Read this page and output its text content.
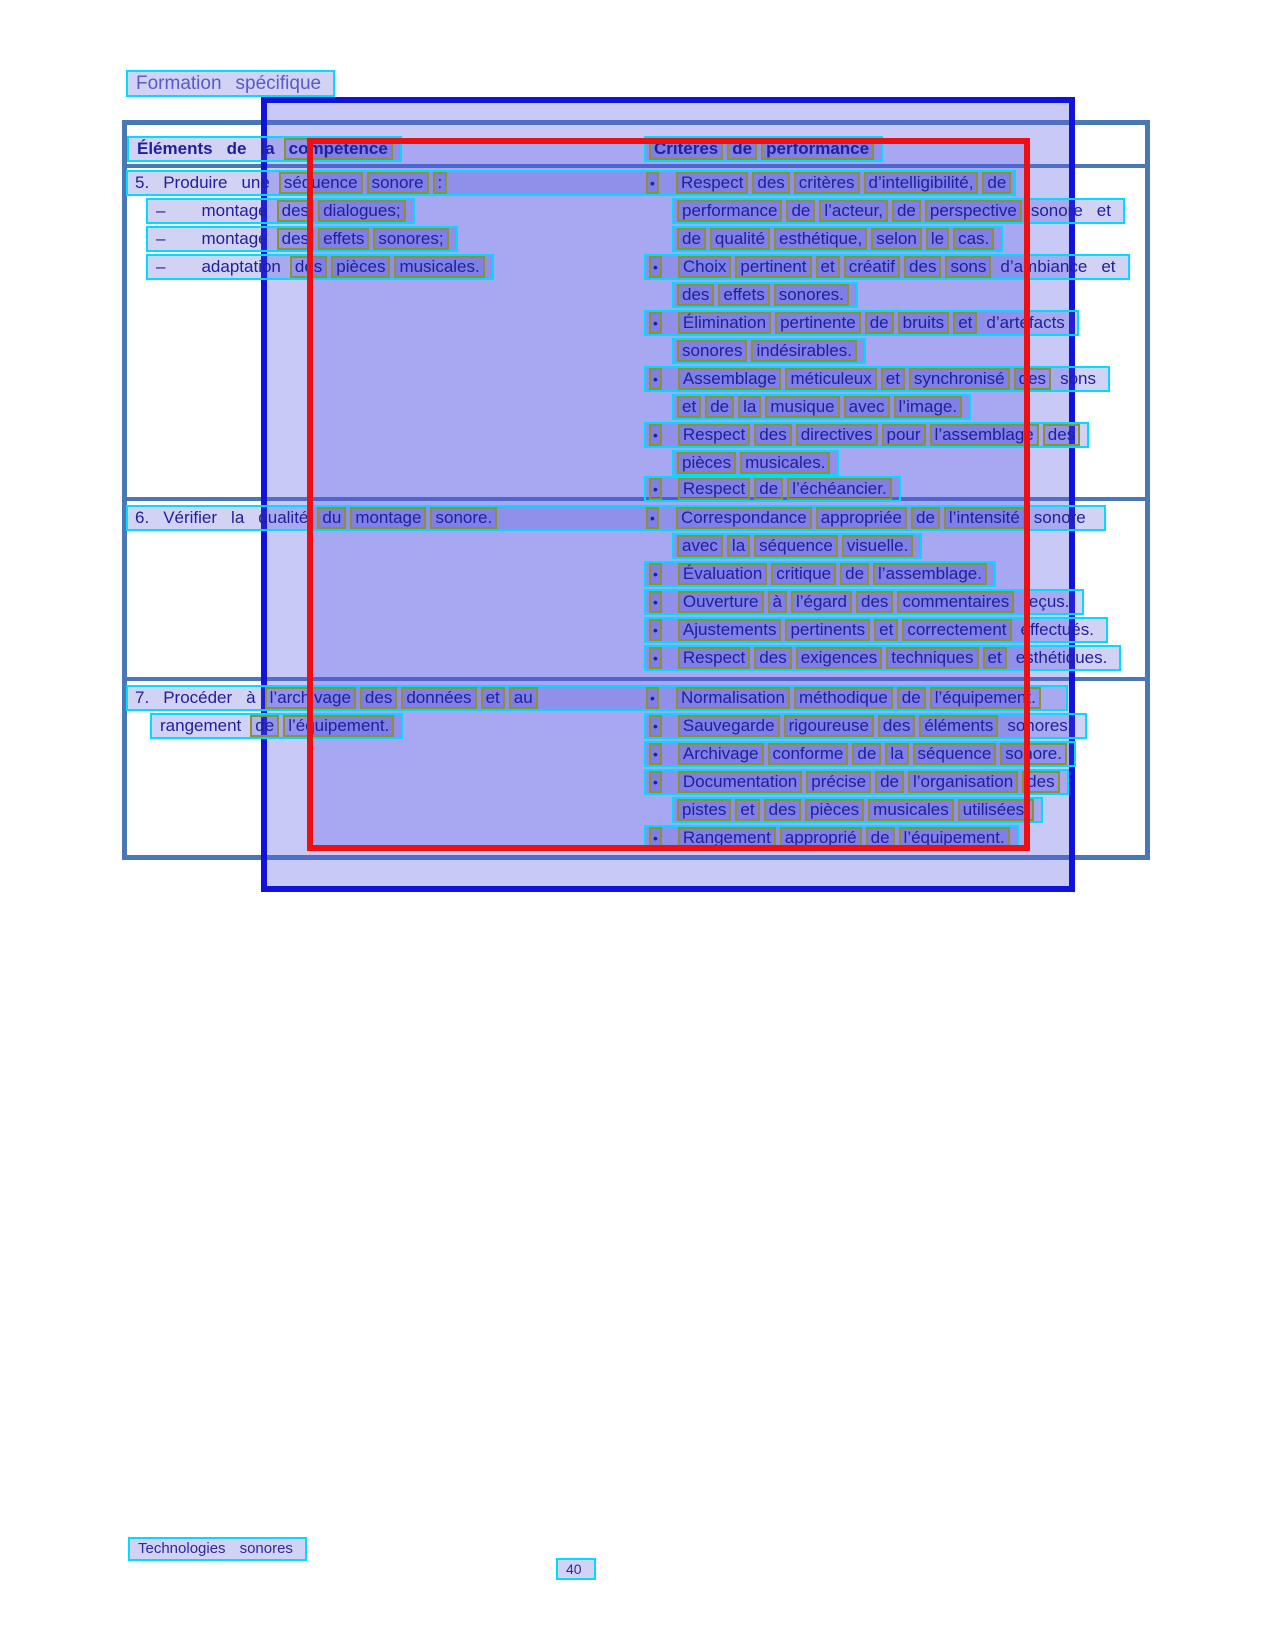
Formation spécifique
Éléments de la compétence	Critères de performance
5. Produire une séquence sonore :	• Respect des critères d’intelligibilité, de
– montage des dialogues;	performance de l’acteur, de perspective sonore et
– montage des effets sonores;	de qualité esthétique, selon le cas.
– adaptation des pièces musicales.	• Choix pertinent et créatif des sons d’ambiance et
des effets sonores.
• Élimination pertinente de bruits et d’artefacts
sonores indésirables.
• Assemblage méticuleux et synchronisé des sons
et de la musique avec l’image.
• Respect des directives pour l’assemblage des
pièces musicales.
• Respect de l’échéancier.
6. Vérifier la qualité du montage sonore.	• Correspondance appropriée de l’intensité sonore
avec la séquence visuelle.
• Évaluation critique de l’assemblage.
• Ouverture à l’égard des commentaires reçus.
• Ajustements pertinents et correctement effectués.
• Respect des exigences techniques et esthétiques.
7. Procéder à l’archivage des données et au	• Normalisation méthodique de l’équipement.
rangement de l’équipement.	• Sauvegarde rigoureuse des éléments sonores.
• Archivage conforme de la séquence sonore.
• Documentation précise de l’organisation des
pistes et des pièces musicales utilisées.
• Rangement approprié de l’équipement.
Technologies sonores
40
